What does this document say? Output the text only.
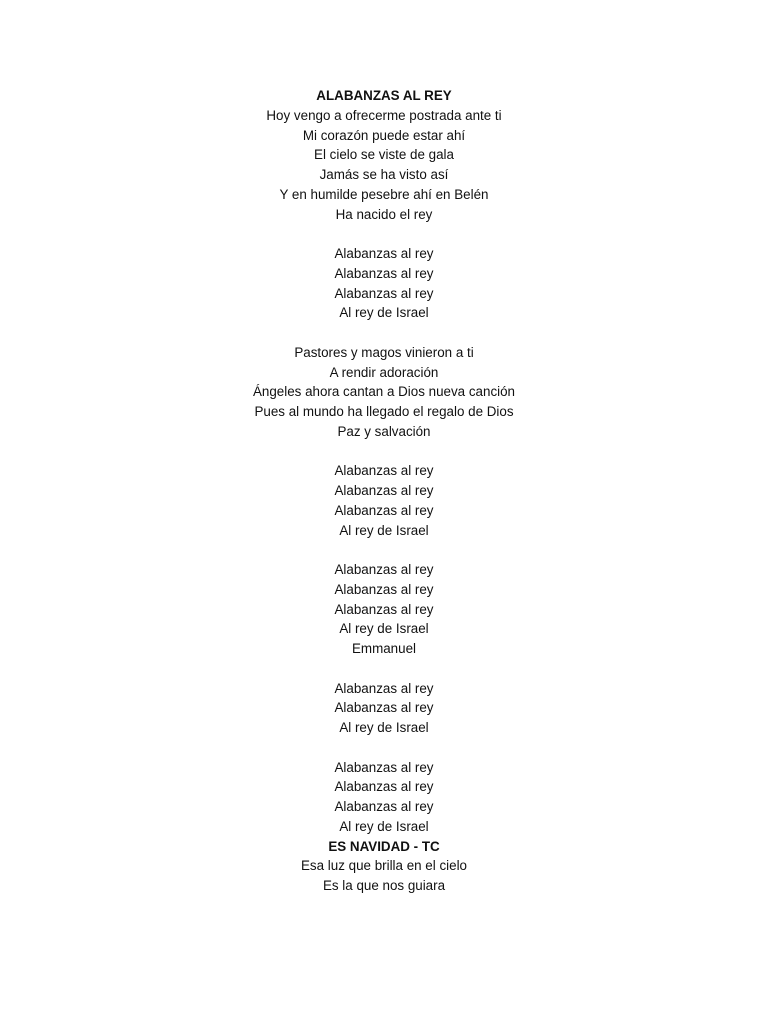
ALABANZAS AL REY
Hoy vengo a ofrecerme postrada ante ti
Mi corazón puede estar ahí
El cielo se viste de gala
Jamás se ha visto así
Y en humilde pesebre ahí en Belén
Ha nacido el rey
Alabanzas al rey
Alabanzas al rey
Alabanzas al rey
Al rey de Israel
Pastores y magos vinieron a ti
A rendir adoración
Ángeles ahora cantan a Dios nueva canción
Pues al mundo ha llegado el regalo de Dios
Paz y salvación
Alabanzas al rey
Alabanzas al rey
Alabanzas al rey
Al rey de Israel
Alabanzas al rey
Alabanzas al rey
Alabanzas al rey
Al rey de Israel
Emmanuel
Alabanzas al rey
Alabanzas al rey
Al rey de Israel
Alabanzas al rey
Alabanzas al rey
Alabanzas al rey
Al rey de Israel
ES NAVIDAD - TC
Esa luz que brilla en el cielo
Es la que nos guiara
